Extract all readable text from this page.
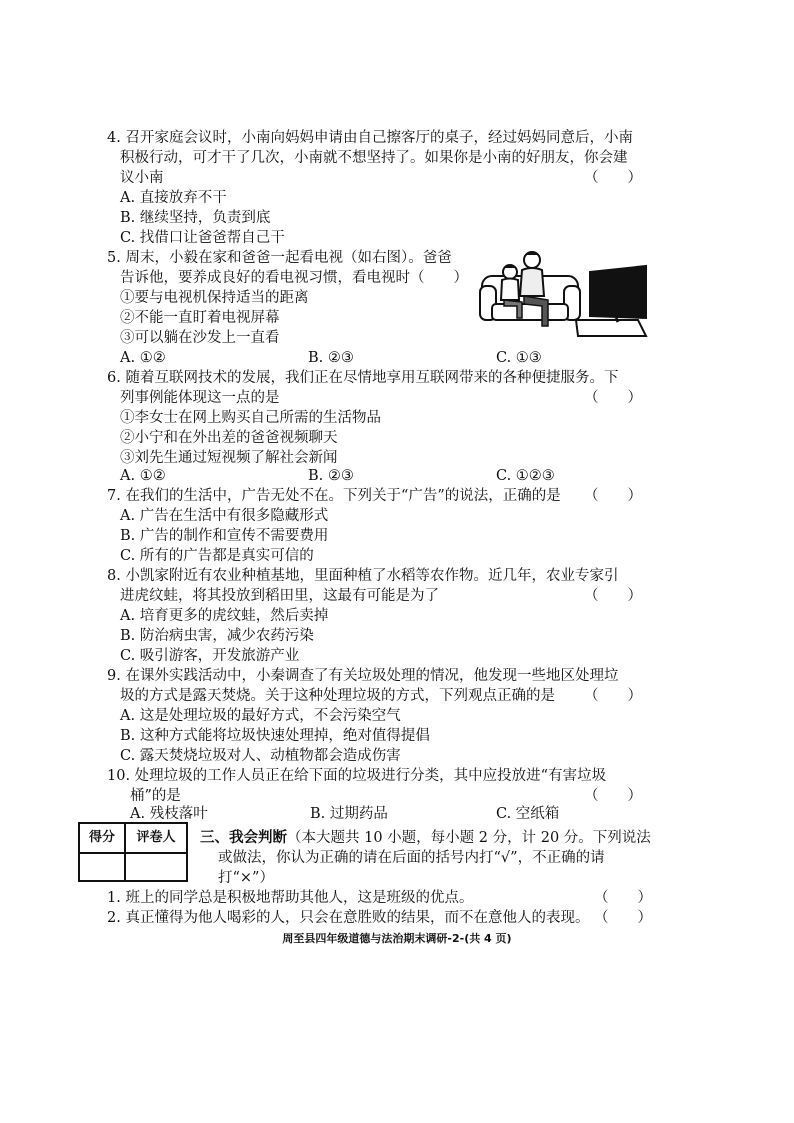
4. 召开家庭会议时，小南向妈妈申请由自己擦客厅的桌子，经过妈妈同意后，小南
积极行动，可才干了几次，小南就不想坚持了。如果你是小南的好朋友，你会建
议小南	（　　）
A. 直接放弃不干
B. 继续坚持，负责到底
C. 找借口让爸爸帮自己干
5. 周末，小毅在家和爸爸一起看电视（如右图）。爸爸
告诉他，要养成良好的看电视习惯，看电视时（　　）
①要与电视机保持适当的距离
②不能一直盯着电视屏幕
③可以躺在沙发上一直看
A. ①②	B. ②③	C. ①③
6. 随着互联网技术的发展，我们正在尽情地享用互联网带来的各种便捷服务。下
列事例能体现这一点的是	（　　）
①李女士在网上购买自己所需的生活物品
②小宁和在外出差的爸爸视频聊天
③刘先生通过短视频了解社会新闻
A. ①②	B. ②③	C. ①②③
7. 在我们的生活中，广告无处不在。下列关于“广告”的说法，正确的是 （　　）
A. 广告在生活中有很多隐藏形式
B. 广告的制作和宣传不需要费用
C. 所有的广告都是真实可信的
8. 小凯家附近有农业种植基地，里面种植了水稻等农作物。近几年，农业专家引
进虎纹蛙，将其投放到稻田里，这最有可能是为了	（　　）
A. 培育更多的虎纹蛙，然后卖掉
B. 防治病虫害，减少农药污染
C. 吸引游客，开发旅游产业
9. 在课外实践活动中，小秦调查了有关垃圾处理的情况，他发现一些地区处理垃
圾的方式是露天焚烧。关于这种处理垃圾的方式，下列观点正确的是 （　　）
A. 这是处理垃圾的最好方式，不会污染空气
B. 这种方式能将垃圾快速处理掉，绝对值得提倡
C. 露天焚烧垃圾对人、动植物都会造成伤害
10. 处理垃圾的工作人员正在给下面的垃圾进行分类，其中应投放进“有害垃圾
桶”的是	（　　）
A. 残枝落叶	B. 过期药品	C. 空纸箱
得分	评卷人	三、我会判断（本大题共 10 小题，每小题 2 分，计 20 分。下列说法
或做法，你认为正确的请在后面的括号内打“√”，不正确的请
打“×”）
1. 班上的同学总是积极地帮助其他人，这是班级的优点。	（　　）
2. 真正懂得为他人喝彩的人，只会在意胜败的结果，而不在意他人的表现。 （　　）
周至县四年级道德与法治期末调研-2-(共 4 页)
